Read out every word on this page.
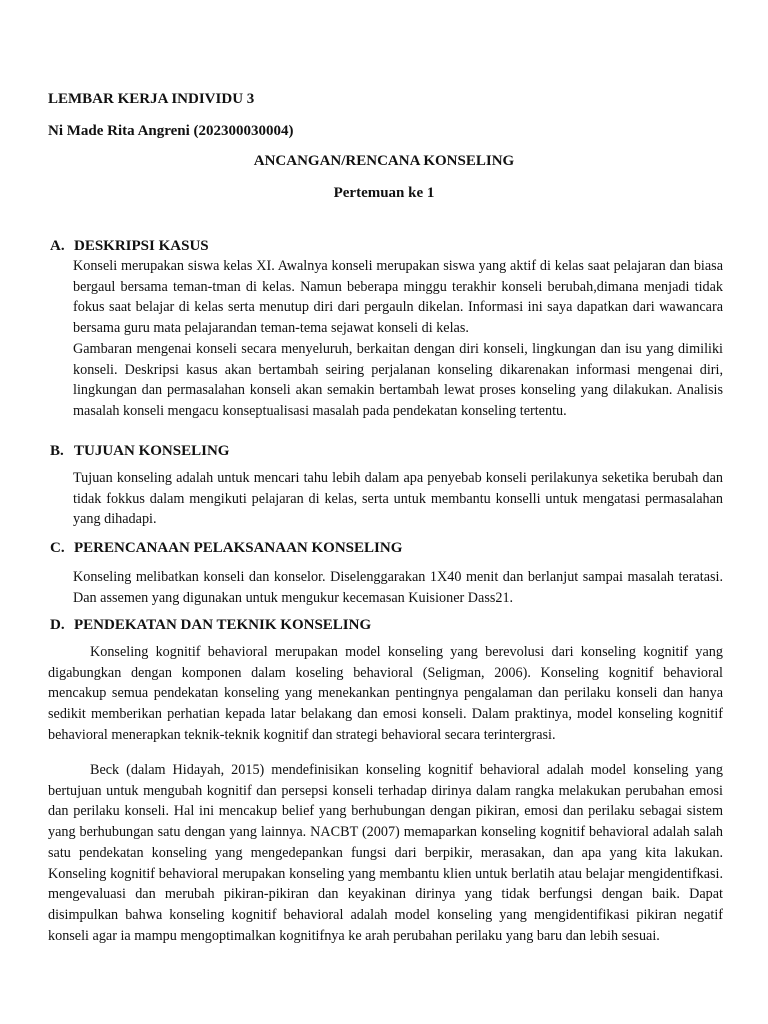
LEMBAR KERJA INDIVIDU 3

Ni Made Rita Angreni (202300030004)

ANCANGAN/RENCANA KONSELING

Pertemuan ke 1

A. DESKRIPSI KASUS

Konseli merupakan siswa kelas XI. Awalnya konseli merupakan siswa yang aktif di kelas saat pelajaran dan biasa bergaul bersama teman-tman di kelas. Namun beberapa minggu terakhir konseli berubah,dimana menjadi tidak fokus saat belajar di kelas serta menutup diri dari pergauln dikelan. Informasi ini saya dapatkan dari wawancara bersama guru mata pelajarandan teman-tema sejawat konseli di kelas.

Gambaran mengenai konseli secara menyeluruh, berkaitan dengan diri konseli, lingkungan dan isu yang dimiliki konseli. Deskripsi kasus akan bertambah seiring perjalanan konseling dikarenakan informasi mengenai diri, lingkungan dan permasalahan konseli akan semakin bertambah lewat proses konseling yang dilakukan. Analisis masalah konseli mengacu konseptualisasi masalah pada pendekatan konseling tertentu.

B. TUJUAN KONSELING

Tujuan konseling adalah untuk mencari tahu lebih dalam apa penyebab konseli perilakunya seketika berubah dan tidak fokkus dalam mengikuti pelajaran di kelas, serta untuk membantu konselli untuk mengatasi permasalahan yang dihadapi.

C. PERENCANAAN PELAKSANAAN KONSELING

Konseling melibatkan konseli dan konselor. Diselenggarakan 1X40 menit dan berlanjut sampai masalah teratasi. Dan assemen yang digunakan untuk mengukur kecemasan Kuisioner Dass21.

D. PENDEKATAN DAN TEKNIK KONSELING

Konseling kognitif behavioral merupakan model konseling yang berevolusi dari konseling kognitif yang digabungkan dengan komponen dalam koseling behavioral (Seligman, 2006). Konseling kognitif behavioral mencakup semua pendekatan konseling yang menekankan pentingnya pengalaman dan perilaku konseli dan hanya sedikit memberikan perhatian kepada latar belakang dan emosi konseli. Dalam praktinya, model konseling kognitif behavioral menerapkan teknik-teknik kognitif dan strategi behavioral secara terintergrasi.

Beck (dalam Hidayah, 2015) mendefinisikan konseling kognitif behavioral adalah model konseling yang bertujuan untuk mengubah kognitif dan persepsi konseli terhadap dirinya dalam rangka melakukan perubahan emosi dan perilaku konseli. Hal ini mencakup belief yang berhubungan dengan pikiran, emosi dan perilaku sebagai sistem yang berhubungan satu dengan yang lainnya. NACBT (2007) memaparkan konseling kognitif behavioral adalah salah satu pendekatan konseling yang mengedepankan fungsi dari berpikir, merasakan, dan apa yang kita lakukan. Konseling kognitif behavioral merupakan konseling yang membantu klien untuk berlatih atau belajar mengidentifkasi. mengevaluasi dan merubah pikiran-pikiran dan keyakinan dirinya yang tidak berfungsi dengan baik. Dapat disimpulkan bahwa konseling kognitif behavioral adalah model konseling yang mengidentifikasi pikiran negatif konseli agar ia mampu mengoptimalkan kognitifnya ke arah perubahan perilaku yang baru dan lebih sesuai.
